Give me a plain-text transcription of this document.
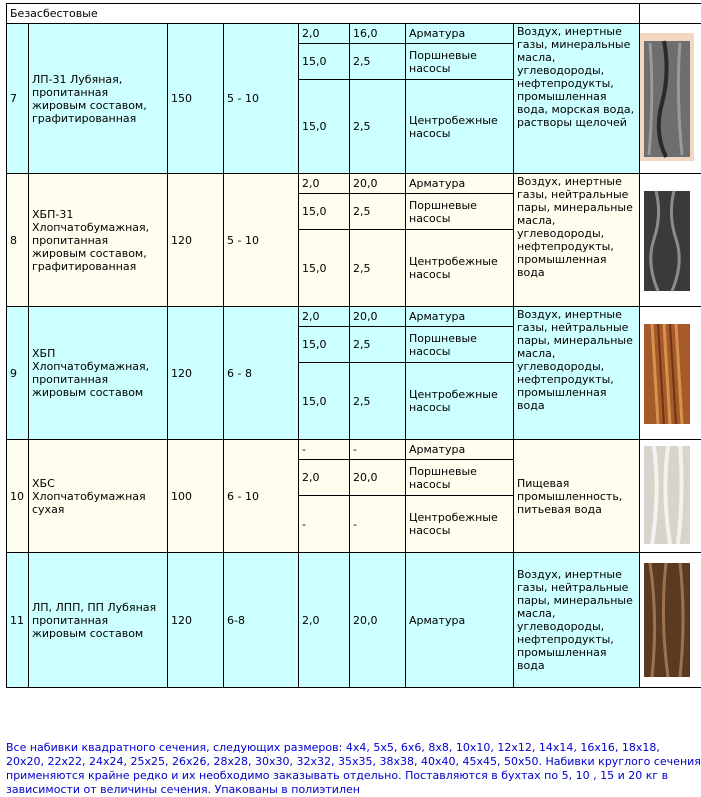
Безасбестовые								
7	ЛП-31 Лубяная, пропитанная жировым составом, графитированная	150	5 - 10	2,0	16,0	Арматура	Воздух, инертные газы, минеральные масла, углеводороды, нефтепродукты, промышленная вода, морская вода, растворы щелочей	
				15,0	2,5	Поршневые насосы		
				15,0	2,5	Центробежные насосы		
8	ХБП-31 Хлопчатобумажная, пропитанная жировым составом, графитированная	120	5 - 10	2,0	20,0	Арматура	Воздух, инертные газы, нейтральные пары, минеральные масла, углеводороды, нефтепродукты, промышленная вода	
				15,0	2,5	Поршневые насосы		
				15,0	2,5	Центробежные насосы		
9	ХБП Хлопчатобумажная, пропитанная жировым составом	120	6 - 8	2,0	20,0	Арматура	Воздух, инертные газы, нейтральные пары, минеральные масла, углеводороды, нефтепродукты, промышленная вода	
				15,0	2,5	Поршневые насосы		
				15,0	2,5	Центробежные насосы		
10	ХБС Хлопчатобумажная сухая	100	6 - 10	-	-	Арматура	Пищевая промышленность, питьевая вода	
				2,0	20,0	Поршневые насосы		
				-	-	Центробежные насосы		
11	ЛП, ЛПП, ПП Лубяная пропитанная жировым составом	120	6-8	2,0	20,0	Арматура	Воздух, инертные газы, нейтральные пары, минеральные масла, углеводороды, нефтепродукты, промышленная вода	
Все набивки квадратного сечения, следующих размеров: 4х4, 5х5, 6х6, 8х8, 10х10, 12х12, 14х14, 16х16, 18х18, 20х20, 22х22, 24х24, 25х25, 26х26, 28х28, 30х30, 32х32, 35х35, 38х38, 40х40, 45х45, 50х50. Набивки круглого сечения применяются крайне редко и их необходимо заказывать отдельно. Поставляются в бухтах по 5, 10 , 15 и 20 кг в зависимости от величины сечения. Упакованы в полиэтилен
